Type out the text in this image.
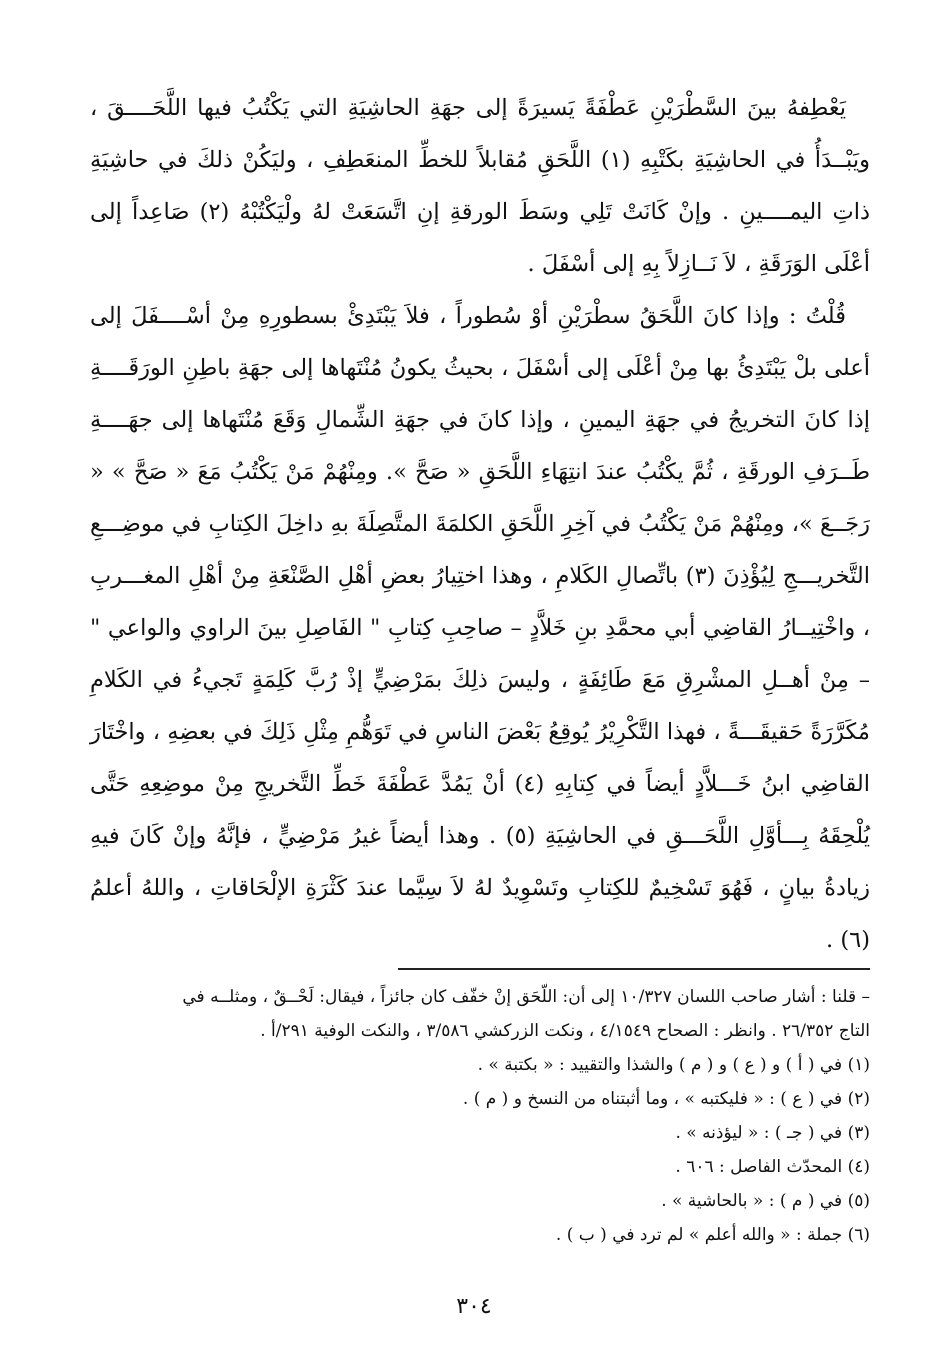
يَعْطِفهُ بينَ السَّطْرَيْنِ عَطْفَةً يَسيرَةً إلى جهَةِ الحاشِيَةِ التي يَكْتُبُ فيها اللَّحَــــقَ ، ويَبْــدَأُ في الحاشِيَةِ بكَتْبِهِ (١) اللَّحَقِ مُقابلاً للخطِّ المنعَطِفِ ، وليَكُنْ ذلكَ في حاشِيَةِ ذاتِ اليمــــينِ . وإنْ كَانَتْ تَلِي وسَطَ الورقةِ إنِ اتَّسَعَتْ لهُ ولْيَكْتُبْهُ (٢) صَاعِداً إلى أعْلَى الوَرَقَةِ ، لاَ نَــازِلاً بِهِ إلى أسْفَلَ .

قُلْتُ : وإذا كانَ اللَّحَقُ سطْرَيْنِ أوْ سُطوراً ، فلاَ يَبْتَدِئْ بسطورِهِ مِنْ أسْــــفَلَ إلى أعلى بلْ يَبْتَدِئُ بها مِنْ أعْلَى إلى أسْفَلَ ، بحيثُ يكونُ مُنْتَهاها إلى جهَةِ باطِنِ الورَقَــــةِ إذا كانَ التخريجُ في جهَةِ اليمينِ ، وإذا كانَ في جهَةِ الشِّمالِ وَقَعَ مُنْتَهاها إلى جهَــــةِ طَــرَفِ الورقَةِ ، ثُمَّ يكْتُبُ عندَ انتِهَاءِ اللَّحَقِ « صَحَّ ». ومِنْهُمْ مَنْ يَكْتُبُ مَعَ « صَحَّ » « رَجَــعَ »، ومِنْهُمْ مَنْ يَكْتُبُ في آخِرِ اللَّحَقِ الكلمَةَ المتَّصِلَةَ بهِ داخِلَ الكِتابِ في موضِـــعِ التَّخريـــجِ لِيُؤْذِنَ (٣) باتِّصالِ الكَلامِ ، وهذا اختِيارُ بعضِ أهْلِ الصَّنْعَةِ مِنْ أهْلِ المغـــربِ ، واخْتِيــارُ القاضِي أبي محمَّدِ بنِ خَلاَّدٍ – صاحِبِ كِتابِ " الفَاصِلِ بينَ الراوي والواعي " – مِنْ أهــلِ المشْرِقِ مَعَ طَائِفَةٍ ، وليسَ ذلِكَ بمَرْضِيٍّ إذْ رُبَّ كَلِمَةٍ تَجيءُ في الكَلامِ مُكَرَّرَةً حَقيقَـــةً ، فهذا التَّكْرِيْرُ يُوقِعُ بَعْضَ الناسِ في تَوَهُّمِ مِثْلِ ذَلِكَ في بعضِهِ ، واخْتَارَ القاضِي ابنُ خَـــلاَّدٍ أيضاً في كِتابِهِ (٤) أنْ يَمُدَّ عَطْفَةَ خَطِّ التَّخريجِ مِنْ موضِعِهِ حَتَّى يُلْحِقَهُ بِـــأوَّلِ اللَّحَـــقِ في الحاشِيَةِ (٥) . وهذا أيضاً غيرُ مَرْضِيٍّ ، فإنَّهُ وإنْ كَانَ فيهِ زيادةُ بيانٍ ، فَهُوَ تَسْخِيمٌ للكِتابِ وتَسْوِيدٌ لهُ لاَ سِيَّما عندَ كَثْرَةِ الإلْحَاقاتِ ، واللهُ أعلمُ (٦) .

– قلنا : أشار صاحب اللسان ١٠/٣٢٧ إلى أن: اللّحَق إنْ خفّف كان جائزاً ، فيقال: لَحْــقٌ ، ومثلــه في
التاج ٢٦/٣٥٢ . وانظر : الصحاح ٤/١٥٤٩ ، ونكت الزركشي ٣/٥٨٦ ، والنكت الوفية ٢٩١/أ .
(١) في ( أ ) و ( ع ) و ( م ) والشذا والتقييد : « بكتبة » .
(٢) في ( ع ) : « فليكتبه » ، وما أثبتناه من النسخ و ( م ) .
(٣) في ( جـ ) : « ليؤذنه » .
(٤) المحدّث الفاصل : ٦٠٦ .
(٥) في ( م ) : « بالحاشية » .
(٦) جملة : « والله أعلم » لم ترد في ( ب ) .
٣٠٤
